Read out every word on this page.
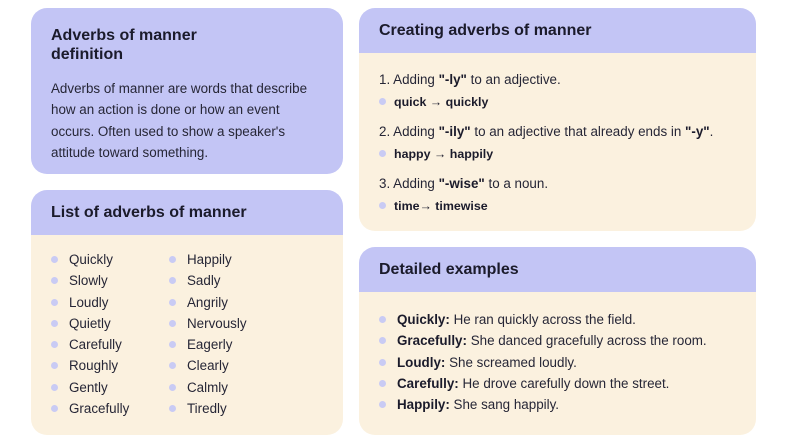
Adverbs of manner definition

Adverbs of manner are words that describe how an action is done or how an event occurs. Often used to show a speaker's attitude toward something.

List of adverbs of manner
Quickly
Slowly
Loudly
Quietly
Carefully
Roughly
Gently
Gracefully
Happily
Sadly
Angrily
Nervously
Eagerly
Clearly
Calmly
Tiredly
Creating adverbs of manner
1. Adding "-ly" to an adjective.
quick → quickly
2. Adding "-ily" to an adjective that already ends in "-y".
happy → happily
3. Adding "-wise" to a noun.
time→ timewise
Detailed examples
Quickly: He ran quickly across the field.
Gracefully: She danced gracefully across the room.
Loudly: She screamed loudly.
Carefully: He drove carefully down the street.
Happily: She sang happily.
